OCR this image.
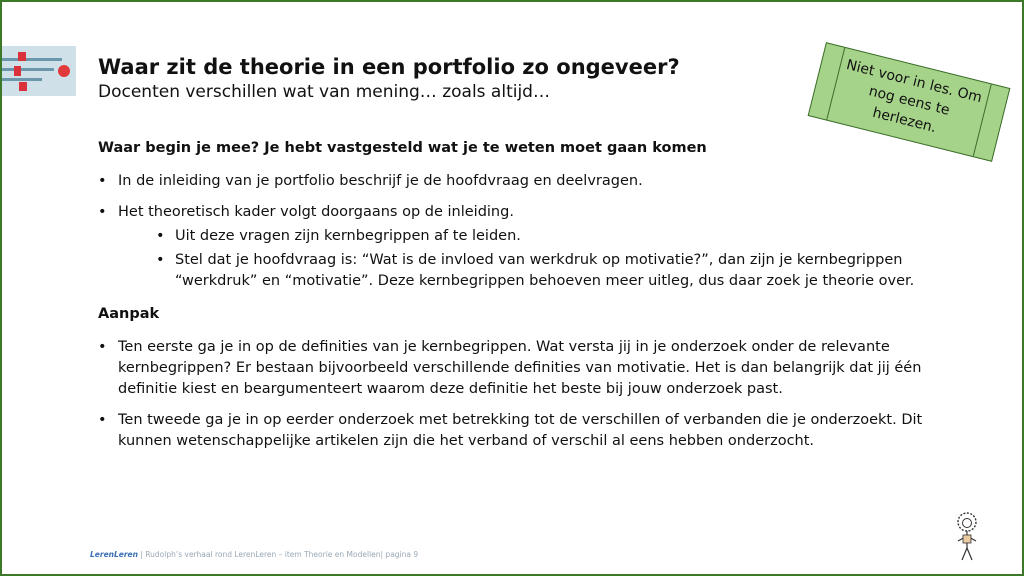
Waar zit de theorie in een portfolio zo ongeveer?
Docenten verschillen wat van mening… zoals altijd…	Niet voor in les. Om nog eens te herlezen.
Waar begin je mee? Je hebt vastgesteld wat je te weten moet gaan komen
• In de inleiding van je portfolio beschrijf je de hoofdvraag en deelvragen.
• Het theoretisch kader volgt doorgaans op de inleiding.
• Uit deze vragen zijn kernbegrippen af te leiden.
• Stel dat je hoofdvraag is: “Wat is de invloed van werkdruk op motivatie?”, dan zijn je kernbegrippen “werkdruk” en “motivatie”. Deze kernbegrippen behoeven meer uitleg, dus daar zoek je theorie over.
Aanpak
• Ten eerste ga je in op de definities van je kernbegrippen. Wat versta jij in je onderzoek onder de relevante kernbegrippen? Er bestaan bijvoorbeeld verschillende definities van motivatie. Het is dan belangrijk dat jij één definitie kiest en beargumenteert waarom deze definitie het beste bij jouw onderzoek past.
• Ten tweede ga je in op eerder onderzoek met betrekking tot de verschillen of verbanden die je onderzoekt. Dit kunnen wetenschappelijke artikelen zijn die het verband of verschil al eens hebben onderzocht.
LerenLeren | Rudolph’s verhaal rond LerenLeren – item Theorie en Modellen| pagina 9
